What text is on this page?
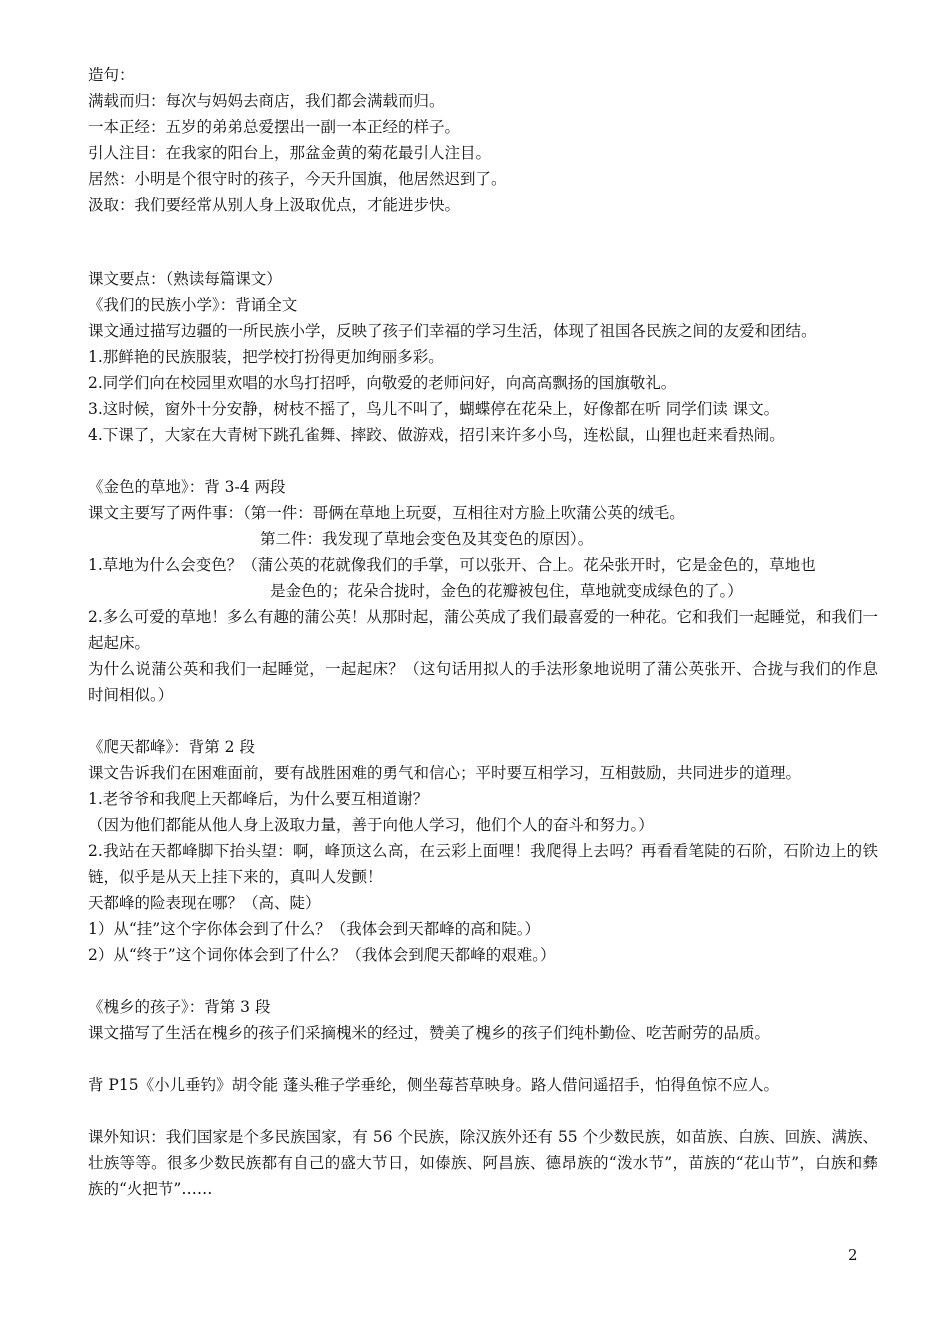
造句：

满载而归：每次与妈妈去商店，我们都会满载而归。

一本正经：五岁的弟弟总爱摆出一副一本正经的样子。

引人注目：在我家的阳台上，那盆金黄的菊花最引人注目。

居然：小明是个很守时的孩子，今天升国旗，他居然迟到了。

汲取：我们要经常从别人身上汲取优点，才能进步快。

课文要点：（熟读每篇课文）

《我们的民族小学》：背诵全文

课文通过描写边疆的一所民族小学，反映了孩子们幸福的学习生活，体现了祖国各民族之间的友爱和团结。

1.那鲜艳的民族服装，把学校打扮得更加绚丽多彩。

2.同学们向在校园里欢唱的水鸟打招呼，向敬爱的老师问好，向高高飘扬的国旗敬礼。

3.这时候，窗外十分安静，树枝不摇了，鸟儿不叫了，蝴蝶停在花朵上，好像都在听 同学们读 课文。

4.下课了，大家在大青树下跳孔雀舞、摔跤、做游戏，招引来许多小鸟，连松鼠，山狸也赶来看热闹。

《金色的草地》：背 3-4 两段

课文主要写了两件事：（第一件：哥俩在草地上玩耍，互相往对方脸上吹蒲公英的绒毛。

第二件：我发现了草地会变色及其变色的原因）。

1.草地为什么会变色？（蒲公英的花就像我们的手掌，可以张开、合上。花朵张开时，它是金色的，草地也

是金色的；花朵合拢时，金色的花瓣被包住，草地就变成绿色的了。）

2.多么可爱的草地！多么有趣的蒲公英！从那时起，蒲公英成了我们最喜爱的一种花。它和我们一起睡觉，和我们一起起床。

为什么说蒲公英和我们一起睡觉，一起起床？（这句话用拟人的手法形象地说明了蒲公英张开、合拢与我们的作息时间相似。）

《爬天都峰》：背第 2 段

课文告诉我们在困难面前，要有战胜困难的勇气和信心；平时要互相学习，互相鼓励，共同进步的道理。

1.老爷爷和我爬上天都峰后，为什么要互相道谢？

（因为他们都能从他人身上汲取力量，善于向他人学习，他们个人的奋斗和努力。）

2.我站在天都峰脚下抬头望：啊，峰顶这么高，在云彩上面哩！我爬得上去吗？再看看笔陡的石阶，石阶边上的铁链，似乎是从天上挂下来的，真叫人发颤！

天都峰的险表现在哪？（高、陡）

1）从“挂”这个字你体会到了什么？（我体会到天都峰的高和陡。）

2）从“终于”这个词你体会到了什么？（我体会到爬天都峰的艰难。）

《槐乡的孩子》：背第 3 段

课文描写了生活在槐乡的孩子们采摘槐米的经过，赞美了槐乡的孩子们纯朴勤俭、吃苦耐劳的品质。

背 P15《小儿垂钓》胡令能 蓬头稚子学垂纶，侧坐莓苔草映身。路人借问遥招手，怕得鱼惊不应人。

课外知识：我们国家是个多民族国家，有 56 个民族，除汉族外还有 55 个少数民族，如苗族、白族、回族、满族、壮族等等。很多少数民族都有自己的盛大节日，如傣族、阿昌族、德昂族的“泼水节”，苗族的“花山节”，白族和彝族的“火把节”……

2
